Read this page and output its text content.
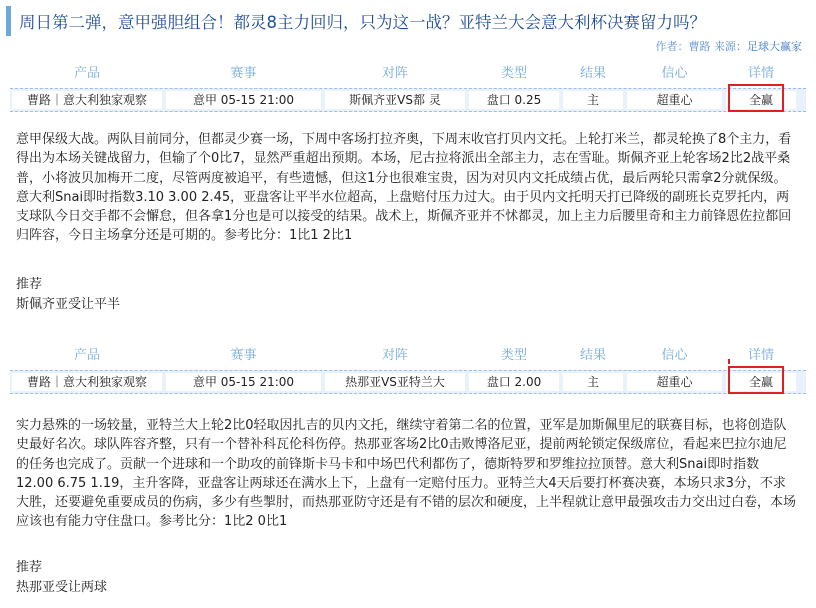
周日第二弹，意甲强胆组合！都灵8主力回归，只为这一战？亚特兰大会意大利杯决赛留力吗？
作者：曹路 来源：足球大赢家
产品	赛事	对阵	类型	结果	信心	详情
曹路｜意大利独家观察	意甲 05-15 21:00	斯佩齐亚VS都 灵	盘口 0.25	主	超重心	全赢
意甲保级大战。两队目前同分，但都灵少赛一场，下周中客场打拉齐奥，下周末收官打贝内文托。上轮打米兰，都灵轮换了8个主力，看得出为本场关键战留力，但输了个0比7，显然严重超出预期。本场，尼古拉将派出全部主力，志在雪耻。斯佩齐亚上轮客场2比2战平桑普，小将波贝加梅开二度，尽管两度被追平，有些遗憾，但这1分也很难宝贵，因为对贝内文托成绩占优，最后两轮只需拿2分就保级。意大利Snai即时指数3.10 3.00 2.45，亚盘客让平半水位超高，上盘赔付压力过大。由于贝内文托明天打已降级的副班长克罗托内，两支球队今日交手都不会懈怠，但各拿1分也是可以接受的结果。战术上，斯佩齐亚并不怵都灵，加上主力后腰里奇和主力前锋恩佐拉都回归阵容，今日主场拿分还是可期的。参考比分：1比1 2比1
推荐
斯佩齐亚受让平半
产品	赛事	对阵	类型	结果	信心	详情
曹路｜意大利独家观察	意甲 05-15 21:00	热那亚VS亚特兰大	盘口 2.00	主	超重心	全赢
实力悬殊的一场较量，亚特兰大上轮2比0轻取因扎吉的贝内文托，继续守着第二名的位置，亚军是加斯佩里尼的联赛目标，也将创造队史最好名次。球队阵容齐整，只有一个替补科瓦伦科伤停。热那亚客场2比0击败博洛尼亚，提前两轮锁定保级席位，看起来巴拉尔迪尼的任务也完成了。贡献一个进球和一个助攻的前锋斯卡马卡和中场巴代利都伤了，德斯特罗和罗维拉拉顶替。意大利Snai即时指数12.00 6.75 1.19，主升客降，亚盘客让两球还在满水上下，上盘有一定赔付压力。亚特兰大4天后要打杯赛决赛，本场只求3分，不求大胜，还要避免重要成员的伤病，多少有些掣肘，而热那亚防守还是有不错的层次和硬度，上半程就让意甲最强攻击力交出过白卷，本场应该也有能力守住盘口。参考比分：1比2 0比1
推荐
热那亚受让两球
